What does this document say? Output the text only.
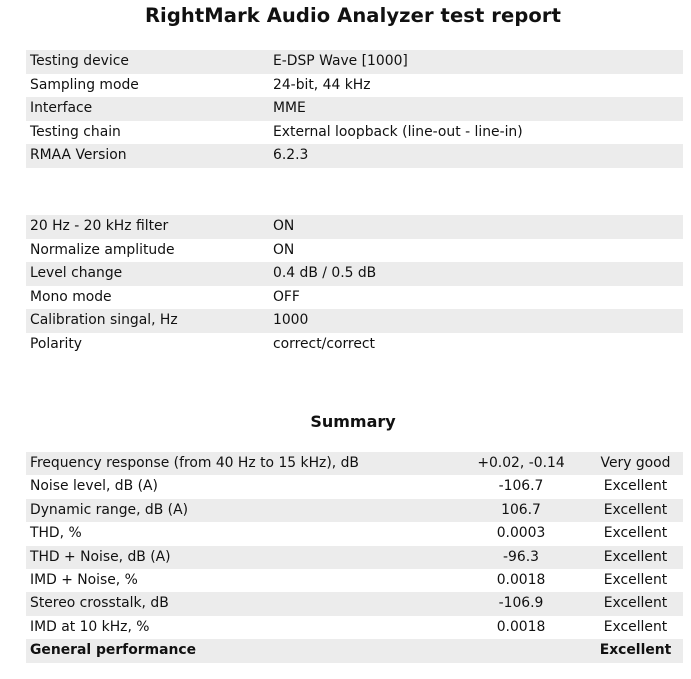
RightMark Audio Analyzer test report
Testing device	E-DSP Wave [1000]
Sampling mode	24-bit, 44 kHz
Interface	MME
Testing chain	External loopback (line-out - line-in)
RMAA Version	6.2.3
20 Hz - 20 kHz filter	ON
Normalize amplitude	ON
Level change	0.4 dB / 0.5 dB
Mono mode	OFF
Calibration singal, Hz	1000
Polarity	correct/correct
Summary
Frequency response (from 40 Hz to 15 kHz), dB	+0.02, -0.14	Very good
Noise level, dB (A)	-106.7	Excellent
Dynamic range, dB (A)	106.7	Excellent
THD, %	0.0003	Excellent
THD + Noise, dB (A)	-96.3	Excellent
IMD + Noise, %	0.0018	Excellent
Stereo crosstalk, dB	-106.9	Excellent
IMD at 10 kHz, %	0.0018	Excellent
General performance		Excellent
